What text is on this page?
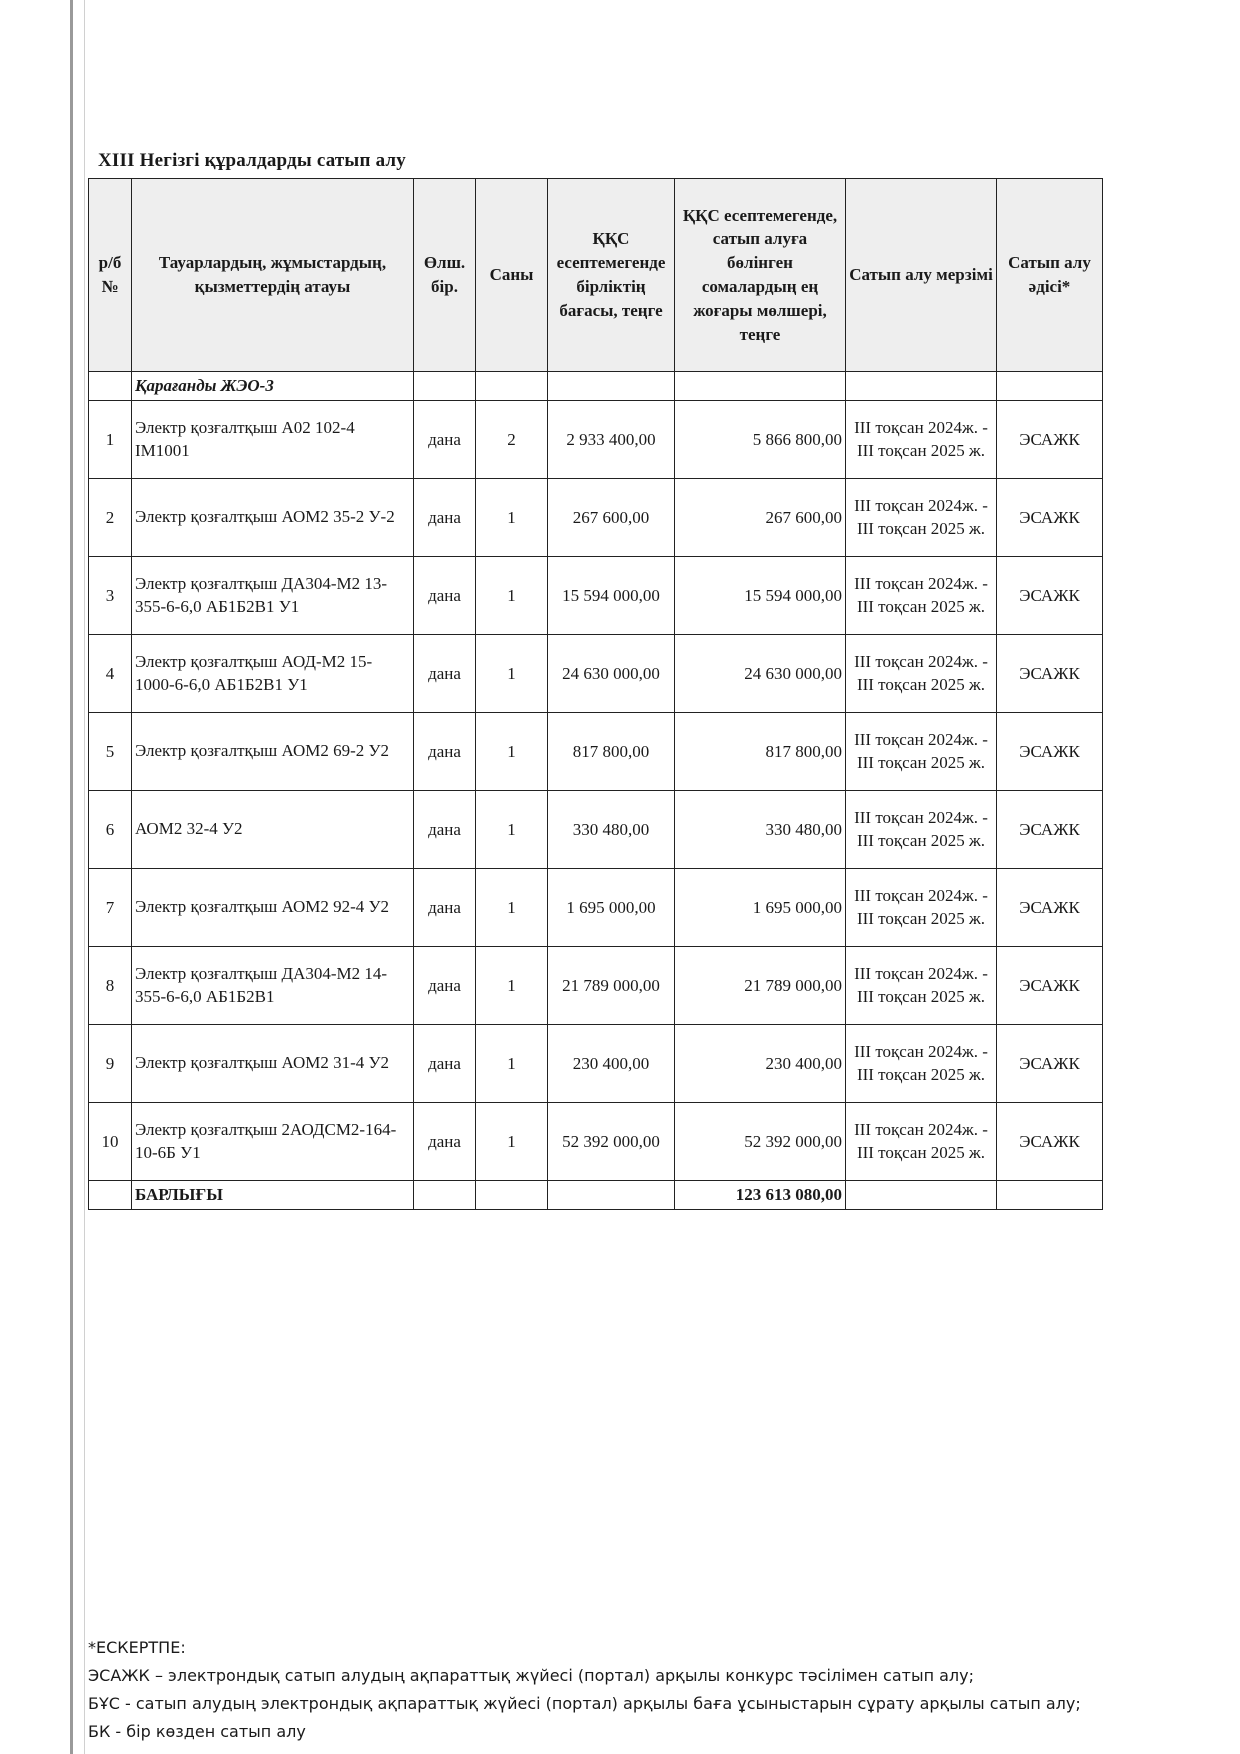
XIII Негізгі құралдарды сатып алу
р/б №	Тауарлардың, жұмыстардың, қызметтердің атауы	Өлш. бір.	Саны	ҚҚС есептемегенде бірліктің бағасы, теңге	ҚҚС есептемегенде, сатып алуға бөлінген сомалардың ең жоғары мөлшері, теңге	Сатып алу мерзімі	Сатып алу әдісі*
	Қарағанды ЖЭО-3						
1	Электр қозғалтқыш А02 102-4 IM1001	дана	2	2 933 400,00	5 866 800,00	III тоқсан 2024ж. - III тоқсан 2025 ж.	ЭСАЖК
2	Электр қозғалтқыш АОМ2 35-2 У-2	дана	1	267 600,00	267 600,00	III тоқсан 2024ж. - III тоқсан 2025 ж.	ЭСАЖК
3	Электр қозғалтқыш ДА304-М2 13-355-6-6,0 АБ1Б2В1 У1	дана	1	15 594 000,00	15 594 000,00	III тоқсан 2024ж. - III тоқсан 2025 ж.	ЭСАЖК
4	Электр қозғалтқыш АОД-М2 15-1000-6-6,0 АБ1Б2В1 У1	дана	1	24 630 000,00	24 630 000,00	III тоқсан 2024ж. - III тоқсан 2025 ж.	ЭСАЖК
5	Электр қозғалтқыш АОМ2 69-2 У2	дана	1	817 800,00	817 800,00	III тоқсан 2024ж. - III тоқсан 2025 ж.	ЭСАЖК
6	АОМ2 32-4 У2	дана	1	330 480,00	330 480,00	III тоқсан 2024ж. - III тоқсан 2025 ж.	ЭСАЖК
7	Электр қозғалтқыш АОМ2 92-4 У2	дана	1	1 695 000,00	1 695 000,00	III тоқсан 2024ж. - III тоқсан 2025 ж.	ЭСАЖК
8	Электр қозғалтқыш ДА304-М2 14-355-6-6,0 АБ1Б2В1	дана	1	21 789 000,00	21 789 000,00	III тоқсан 2024ж. - III тоқсан 2025 ж.	ЭСАЖК
9	Электр қозғалтқыш АОМ2 31-4 У2	дана	1	230 400,00	230 400,00	III тоқсан 2024ж. - III тоқсан 2025 ж.	ЭСАЖК
10	Электр қозғалтқыш 2АОДСМ2-164-10-6Б У1	дана	1	52 392 000,00	52 392 000,00	III тоқсан 2024ж. - III тоқсан 2025 ж.	ЭСАЖК
	БАРЛЫҒЫ				123 613 080,00		
*ЕСКЕРТПЕ:
ЭСАЖК – электрондық сатып алудың ақпараттық жүйесі (портал) арқылы конкурс тәсілімен сатып алу;
БҰС - сатып алудың электрондық ақпараттық жүйесі (портал) арқылы баға ұсыныстарын сұрату арқылы сатып алу;
БК - бір көзден сатып алу
